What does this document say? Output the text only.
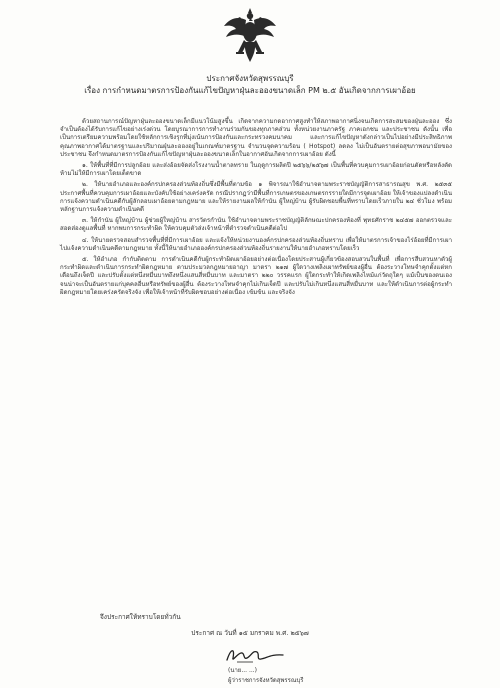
ประกาศจังหวัดสุพรรณบุรี
เรื่อง การกำหนดมาตรการป้องกันแก้ไขปัญหาฝุ่นละอองขนาดเล็ก PM ๒.๕ อันเกิดจากการเผาอ้อย

ด้วยสถานการณ์ปัญหาฝุ่นละอองขนาดเล็กมีแนวโน้มสูงขึ้น เกิดจากความกดอากาศสูงทำให้สภาพอากาศนิ่งจนเกิดการสะสมของฝุ่นละออง ซึ่งจำเป็นต้องได้รับการแก้ไขอย่างเร่งด่วน โดยบูรณาการการทำงานร่วมกันของทุกภาคส่วน ทั้งหน่วยงานภาครัฐ ภาคเอกชน และประชาชน ดังนั้น เพื่อเป็นการเตรียมความพร้อมโดยใช้หลักการเชิงรุกที่มุ่งเน้นการป้องกันและกระทรวงคมนาคม และการแก้ไขปัญหาดังกล่าวเป็นไปอย่างมีประสิทธิภาพ คุณภาพอากาศได้มาตรฐานและปริมาณฝุ่นละอองอยู่ในเกณฑ์มาตรฐาน จำนวนจุดความร้อน ( Hotspot) ลดลง ไม่เป็นอันตรายต่อสุขภาพอนามัยของประชาชน จึงกำหนดมาตรการป้องกันแก้ไขปัญหาฝุ่นละอองขนาดเล็กในอากาศอันเกิดจากการเผาอ้อย ดังนี้

๑. ให้พื้นที่ที่มีการปลูกอ้อย และส่งอ้อยจัดส่งโรงงานน้ำตาลทราย ในฤดูการผลิตปี ๒๕๖๖/๒๕๖๗ เป็นพื้นที่ควบคุมการเผาอ้อยก่อนตัดหรือหลังตัด ห้ามไม่ให้มีการเผาโดยเด็ดขาด

๒. ให้นายอำเภอและองค์กรปกครองส่วนท้องถิ่นซึ่งมีพื้นที่ตามข้อ ๑ พิจารณาใช้อำนาจตามพระราชบัญญัติการสาธารณสุข พ.ศ. ๒๕๓๕ ประกาศพื้นที่ควบคุมการเผาอ้อยและบังคับใช้อย่างเคร่งครัด กรณีปรากฏว่ามีพื้นที่การเกษตรของเกษตรกรรายใดมีการจุดเผาอ้อย ให้เจ้าของแปลงดำเนินการแจ้งความดำเนินคดีกับผู้ลักลอบเผาอ้อยตามกฎหมาย และให้รายงานผลให้กำนัน ผู้ใหญ่บ้าน ผู้รับผิดชอบพื้นที่ทราบโดยเร็วภายใน ๒๔ ชั่วโมง พร้อมหลักฐานการแจ้งความดำเนินคดี

๓. ให้กำนัน ผู้ใหญ่บ้าน ผู้ช่วยผู้ใหญ่บ้าน สารวัตรกำนัน ใช้อำนาจตามพระราชบัญญัติลักษณะปกครองท้องที่ พุทธศักราช ๒๔๕๗ ออกตรวจและสอดส่องดูแลพื้นที่ หากพบการกระทำผิด ให้ควบคุมตัวส่งเจ้าหน้าที่ตำรวจดำเนินคดีต่อไป

๔. ให้นายตรวจสอบสำรวจพื้นที่ที่มีการเผาอ้อย และแจ้งให้หน่วยงานองค์กรปกครองส่วนท้องถิ่นทราบ เพื่อให้มาตรการเจ้าของไร่อ้อยที่มีการเผาไปแจ้งความดำเนินคดีตามกฎหมาย ทั้งนี้ให้นายอำเภอองค์กรปกครองส่วนท้องถิ่นรายงานให้นายอำเภอทราบโดยเร็ว

๕. ให้อำเภอ กำกับติดตาม การดำเนินคดีกับผู้กระทำผิดเผาอ้อยอย่างต่อเนื่องโดยประสานผู้เกี่ยวข้องสอบสวนในพื้นที่ เพื่อการสืบสวนหาตัวผู้กระทำผิดและดำเนินการกระทำผิดกฎหมาย ตามประมวลกฎหมายอาญา มาตรา ๒๑๗ ผู้ใดวางเพลิงเผาทรัพย์ของผู้อื่น ต้องระวางโทษจำคุกตั้งแต่หกเดือนถึงเจ็ดปี และปรับตั้งแต่หนึ่งหมื่นบาทถึงหนึ่งแสนสี่หมื่นบาท และมาตรา ๒๒๐ วรรคแรก ผู้ใดกระทำให้เกิดเพลิงไหม้แก่วัตถุใดๆ แม้เป็นของตนเอง จนน่าจะเป็นอันตรายแก่บุคคลอื่นหรือทรัพย์ของผู้อื่น ต้องระวางโทษจำคุกไม่เกินเจ็ดปี และปรับไม่เกินหนึ่งแสนสี่หมื่นบาท และให้ดำเนินการต่อผู้กระทำผิดกฎหมายโดยเคร่งครัดจริงจัง เพื่อให้เจ้าหน้าที่รับผิดชอบอย่างต่อเนื่อง เข้มข้น และจริงจัง

จึงประกาศให้ทราบโดยทั่วกัน
ประกาศ ณ วันที่ ๑๕ มกราคม พ.ศ. ๒๕๖๗
(นาย... ...)
ผู้ว่าราชการจังหวัดสุพรรณบุรี
